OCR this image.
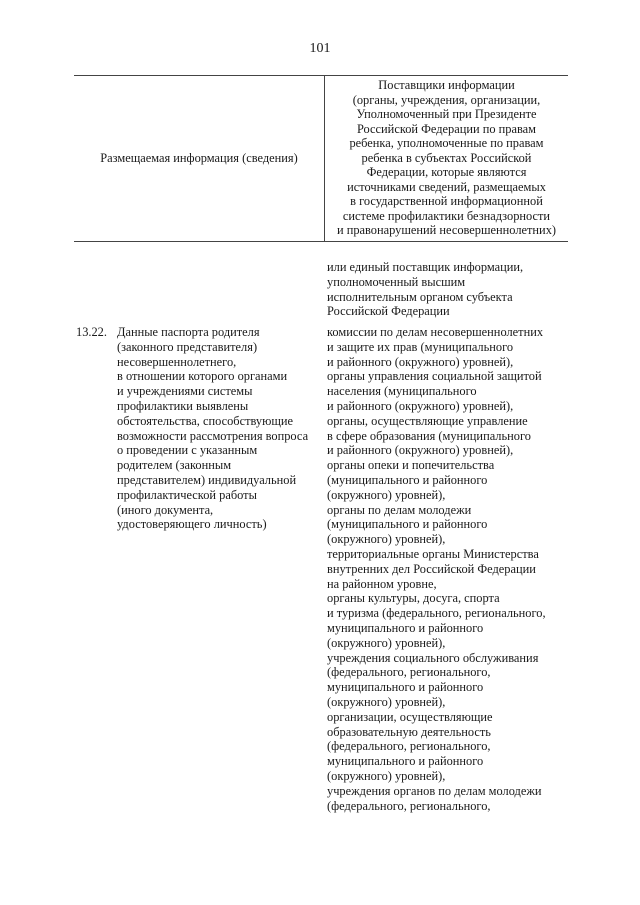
101
Размещаемая информация (сведения)
Поставщики информации
(органы, учреждения, организации,
Уполномоченный при Президенте
Российской Федерации по правам
ребенка, уполномоченные по правам
ребенка в субъектах Российской
Федерации, которые являются
источниками сведений, размещаемых
в государственной информационной
системе профилактики безнадзорности
и правонарушений несовершеннолетних)
или единый поставщик информации,
уполномоченный высшим
исполнительным органом субъекта
Российской Федерации
13.22. Данные паспорта родителя
(законного представителя)
несовершеннолетнего,
в отношении которого органами
и учреждениями системы
профилактики выявлены
обстоятельства, способствующие
возможности рассмотрения вопроса
о проведении с указанным
родителем (законным
представителем) индивидуальной
профилактической работы
(иного документа,
удостоверяющего личность)
комиссии по делам несовершеннолетних
и защите их прав (муниципального
и районного (окружного) уровней),
органы управления социальной защитой
населения (муниципального
и районного (окружного) уровней),
органы, осуществляющие управление
в сфере образования (муниципального
и районного (окружного) уровней),
органы опеки и попечительства
(муниципального и районного
(окружного) уровней),
органы по делам молодежи
(муниципального и районного
(окружного) уровней),
территориальные органы Министерства
внутренних дел Российской Федерации
на районном уровне,
органы культуры, досуга, спорта
и туризма (федерального, регионального,
муниципального и районного
(окружного) уровней),
учреждения социального обслуживания
(федерального, регионального,
муниципального и районного
(окружного) уровней),
организации, осуществляющие
образовательную деятельность
(федерального, регионального,
муниципального и районного
(окружного) уровней),
учреждения органов по делам молодежи
(федерального, регионального,
